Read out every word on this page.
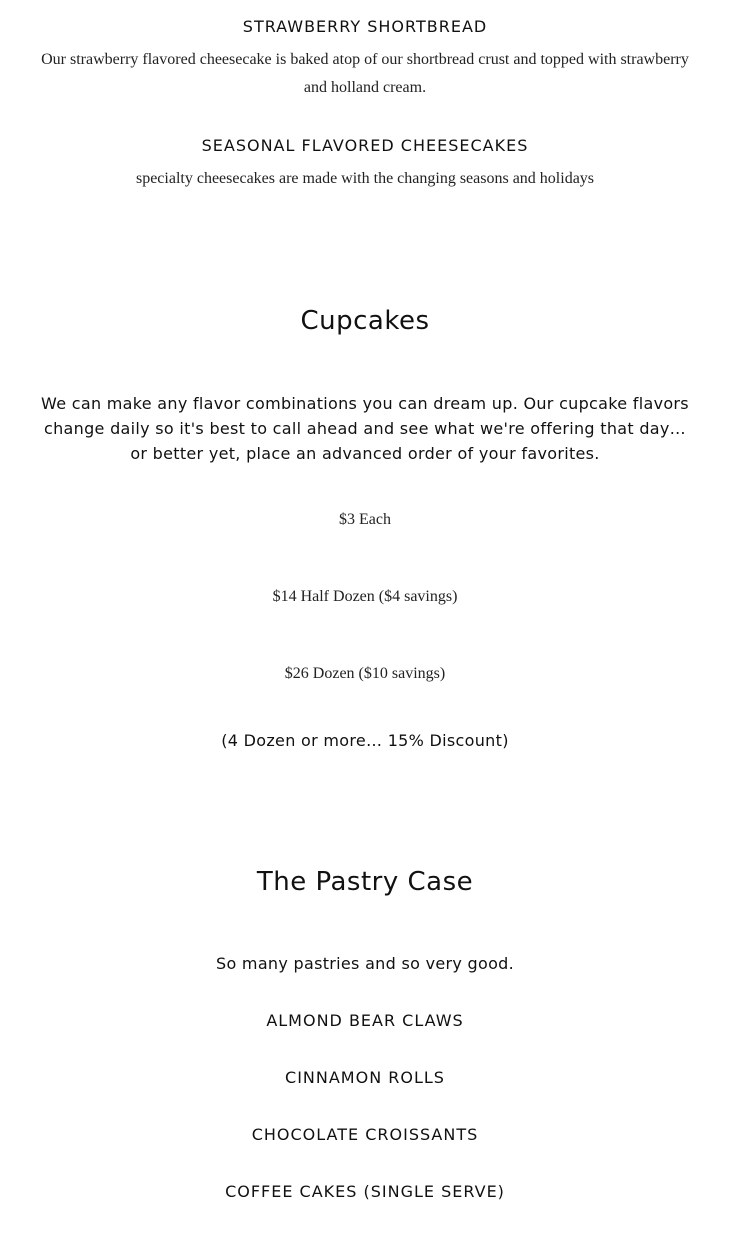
STRAWBERRY SHORTBREAD

Our strawberry flavored cheesecake is baked atop of our shortbread crust and topped with strawberry and holland cream.

SEASONAL FLAVORED CHEESECAKES

specialty cheesecakes are made with the changing seasons and holidays

Cupcakes

We can make any flavor combinations you can dream up. Our cupcake flavors change daily so it's best to call ahead and see what we're offering that day… or better yet, place an advanced order of your favorites.

$3 Each

$14 Half Dozen ($4 savings)

$26 Dozen ($10 savings)

(4 Dozen or more… 15% Discount)

The Pastry Case

So many pastries and so very good.

ALMOND BEAR CLAWS

CINNAMON ROLLS

CHOCOLATE CROISSANTS

COFFEE CAKES (SINGLE SERVE)
